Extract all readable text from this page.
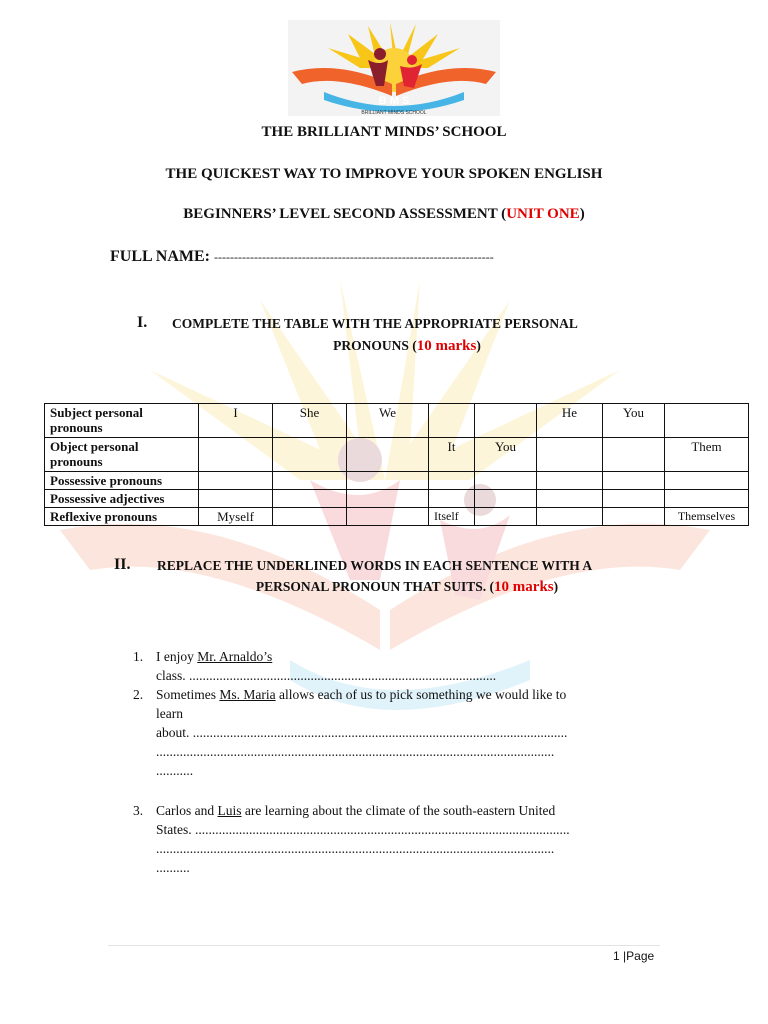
B M S
BRILLIANT MINDS SCHOOL
THE BRILLIANT MINDS’ SCHOOL
THE QUICKEST WAY TO IMPROVE YOUR SPOKEN ENGLISH
BEGINNERS’ LEVEL SECOND ASSESSMENT (UNIT ONE)
FULL NAME: ----------------------------------------------------------------------
I. COMPLETE THE TABLE WITH THE APPROPRIATE PERSONAL
PRONOUNS (10 marks)
Subject personal pronouns	I	She	We			He	You	
Object personal pronouns				It	You			Them
Possessive pronouns								
Possessive adjectives								
Reflexive pronouns	Myself			Itself				Themselves
II. REPLACE THE UNDERLINED WORDS IN EACH SENTENCE WITH A
PERSONAL PRONOUN THAT SUITS. (10 marks)
1. I enjoy Mr. Arnaldo’s
class. ...........................................................................................
2. Sometimes Ms. Maria allows each of us to pick something we would like to
learn
about. ...............................................................................................................
......................................................................................................................
...........
3. Carlos and Luis are learning about the climate of the south-eastern United
States. ...............................................................................................................
......................................................................................................................
..........
1 |Page
